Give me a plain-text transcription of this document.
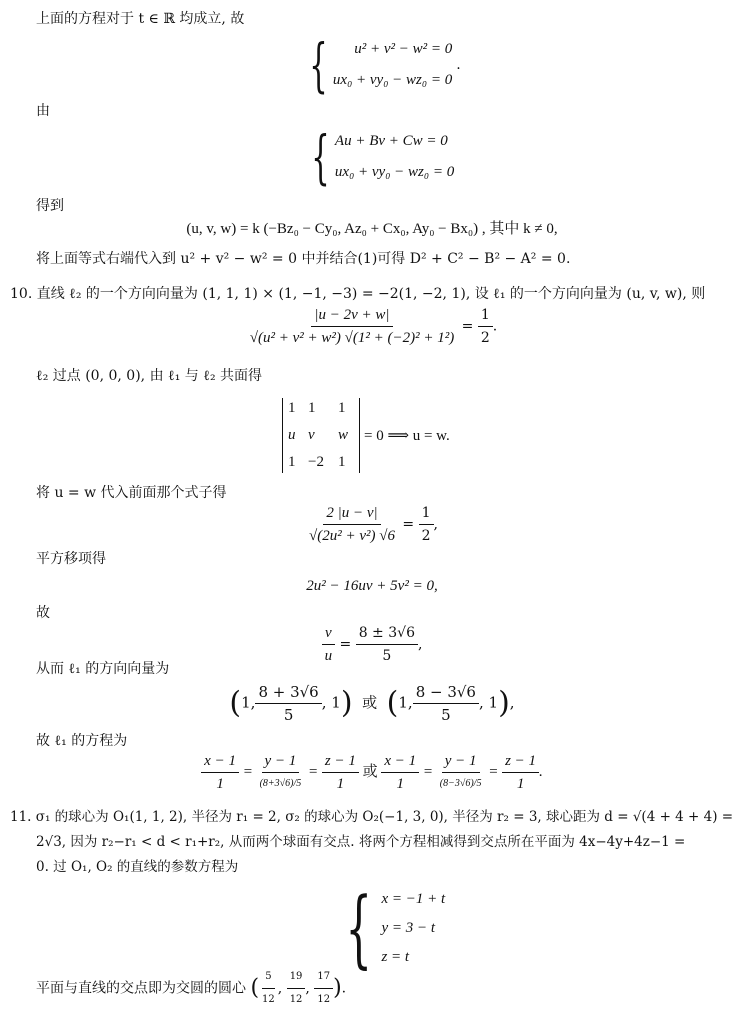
上面的方程对于 t ∈ ℝ 均成立, 故
{	u² + v² − w² = 0
ux₀ + vy₀ − wz₀ = 0
.
由
{ Au + Bv + Cw = 0
ux₀ + vy₀ − wz₀ = 0
得到
(u, v, w) = k (−Bz₀ − Cy₀, Az₀ + Cx₀, Ay₀ − Bx₀) , 其中 k ≠ 0,
将上面等式右端代入到 u² + v² − w² = 0 中并结合(1)可得 D² + C² − B² − A² = 0.
10. 直线 ℓ₂ 的一个方向向量为 (1, 1, 1) × (1, −1, −3) = −2(1, −2, 1), 设 ℓ₁ 的一个方向向量为 (u, v, w), 则
$\frac{|u - 2v + w|}{\text{√(u² + v² + w²) √(1² + (−2)² + 1²)}} = \frac{1}{2}$ .
ℓ₂ 过点 (0, 0, 0), 由 ℓ₁ 与 ℓ₂ 共面得
1 1	1
u v	w
1 −2 1
= 0 ⟹ u = w.
将 u = w 代入前面那个式子得
$\frac{2 |u - v|}{\text{√(2u² + v²) √6}} = \frac{1}{2}$ ,
平方移项得
2u² − 16uv + 5v² = 0,
故
$\frac{v}{u} = \frac{8 \pm 3√6}{5}$ ,
从而 ℓ₁ 的方向向量为
(1, $\frac{8 + 3√6}{5}$ , 1) 或 (1, $\frac{8 - 3√6}{5}$ , 1),
故 ℓ₁ 的方程为
$\frac{x - 1}{1} = \frac{y - 1}{(8+3√6)/5} = \frac{z - 1}{1}$ 或 $\frac{x - 1}{1} = \frac{y - 1}{(8-3√6)/5} = \frac{z - 1}{1}$ .
11. σ₁ 的球心为 O₁(1, 1, 2), 半径为 r₁ = 2, σ₂ 的球心为 O₂(−1, 3, 0), 半径为 r₂ = 3, 球心距为 d = √(4 + 4 + 4) =
2√3, 因为 r₂−r₁ < d < r₁+r₂, 从而两个球面有交点. 将两个方程相减得到交点所在平面为 4x−4y+4z−1 =
0. 过 O₁, O₂ 的直线的参数方程为
{ x = −1 + t
y = 3 − t
z = t
平面与直线的交点即为交圆的圆心 ( $\frac{5}{12}$ , $\frac{19}{12}$ , $\frac{17}{12}$ ).
